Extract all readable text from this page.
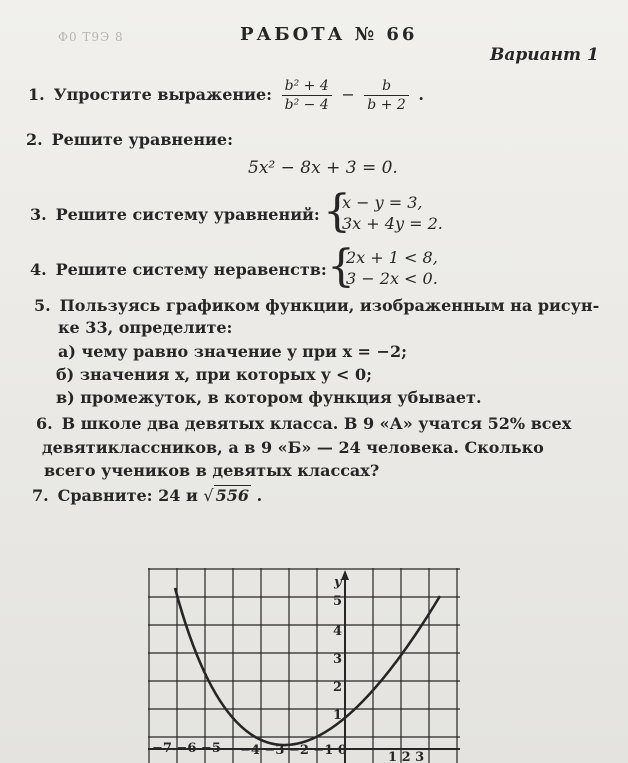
Ф0 Т9Э 8	РАБОТА № 66
Вариант 1
1. Упростите выражение: $\frac{\text{b² + 4}}{\text{b² − 4}} - \frac{b}{b + 2}$ .
2. Решите уравнение:
5x² − 8x + 3 = 0.
3. Решите систему уравнений: {
x − y = 3,
3x + 4y = 2.
4. Решите систему неравенств: {
2x + 1 < 8,
3 − 2x < 0.
5. Пользуясь графиком функции, изображенным на рисун-
ке 33, определите:
а) чему равно значение y при x = −2;
б) значения x, при которых y < 0;
в) промежуток, в котором функция убывает.
6. В школе два девятых класса. В 9 «А» учатся 52% всех
девятиклассников, а в 9 «Б» — 24 человека. Сколько
всего учеников в девятых классах?
7. Сравните: 24 и √ 556 .
y
5
4
3
2
1
−7 −6 −5 −4 −3 −2 −1 0	1 2 3
